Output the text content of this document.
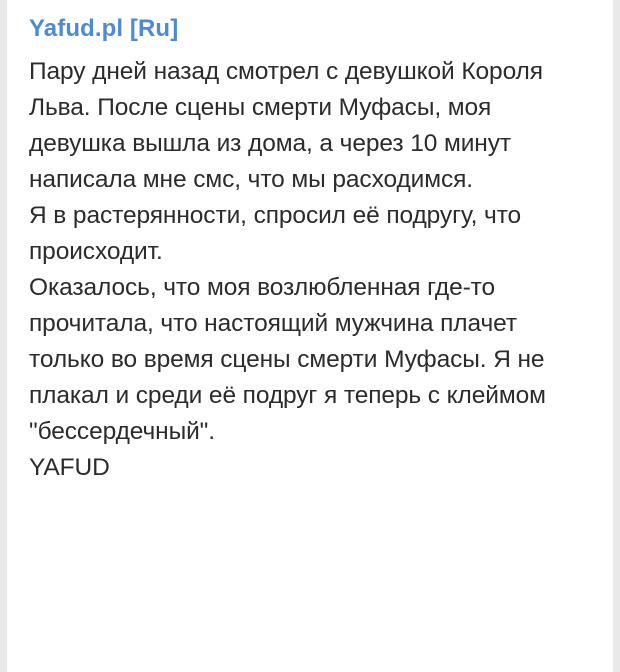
Yafud.pl [Ru]

Пару дней назад смотрел с девушкой Короля Льва. После сцены смерти Муфасы, моя девушка вышла из дома, а через 10 минут написала мне смс, что мы расходимся.

Я в растерянности, спросил её подругу, что происходит.

Оказалось, что моя возлюбленная где-то прочитала, что настоящий мужчина плачет только во время сцены смерти Муфасы. Я не плакал и среди её подруг я теперь с клеймом "бессердечный".

YAFUD
